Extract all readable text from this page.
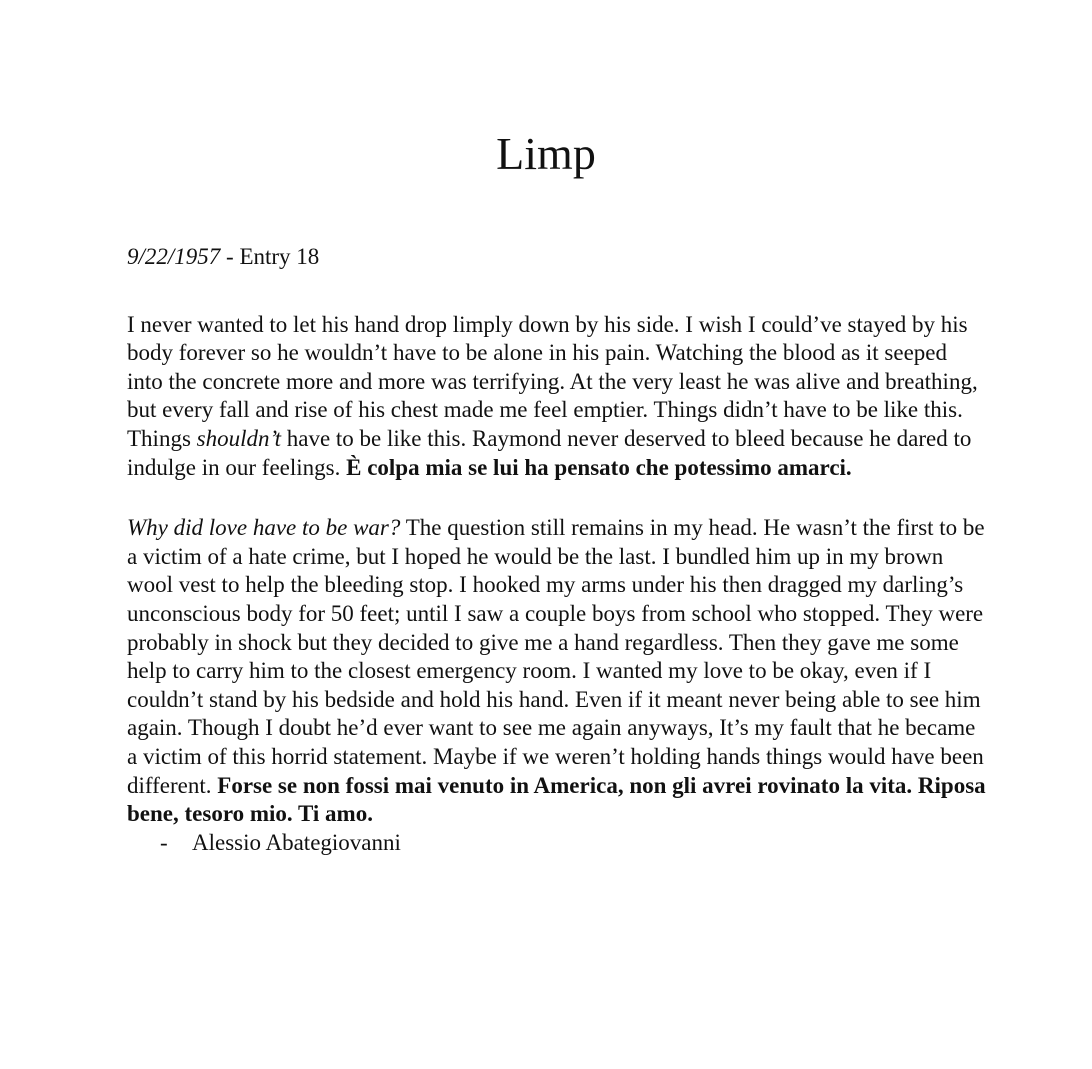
Limp

9/22/1957 - Entry 18

I never wanted to let his hand drop limply down by his side. I wish I could’ve stayed by his body forever so he wouldn’t have to be alone in his pain. Watching the blood as it seeped into the concrete more and more was terrifying. At the very least he was alive and breathing, but every fall and rise of his chest made me feel emptier. Things didn’t have to be like this. Things shouldn’t have to be like this. Raymond never deserved to bleed because he dared to indulge in our feelings. È colpa mia se lui ha pensato che potessimo amarci.

Why did love have to be war? The question still remains in my head. He wasn’t the first to be a victim of a hate crime, but I hoped he would be the last. I bundled him up in my brown wool vest to help the bleeding stop. I hooked my arms under his then dragged my darling’s unconscious body for 50 feet; until I saw a couple boys from school who stopped. They were probably in shock but they decided to give me a hand regardless. Then they gave me some help to carry him to the closest emergency room. I wanted my love to be okay, even if I couldn’t stand by his bedside and hold his hand. Even if it meant never being able to see him again. Though I doubt he’d ever want to see me again anyways, It’s my fault that he became a victim of this horrid statement. Maybe if we weren’t holding hands things would have been different. Forse se non fossi mai venuto in America, non gli avrei rovinato la vita. Riposa bene, tesoro mio. Ti amo.

- Alessio Abategiovanni
